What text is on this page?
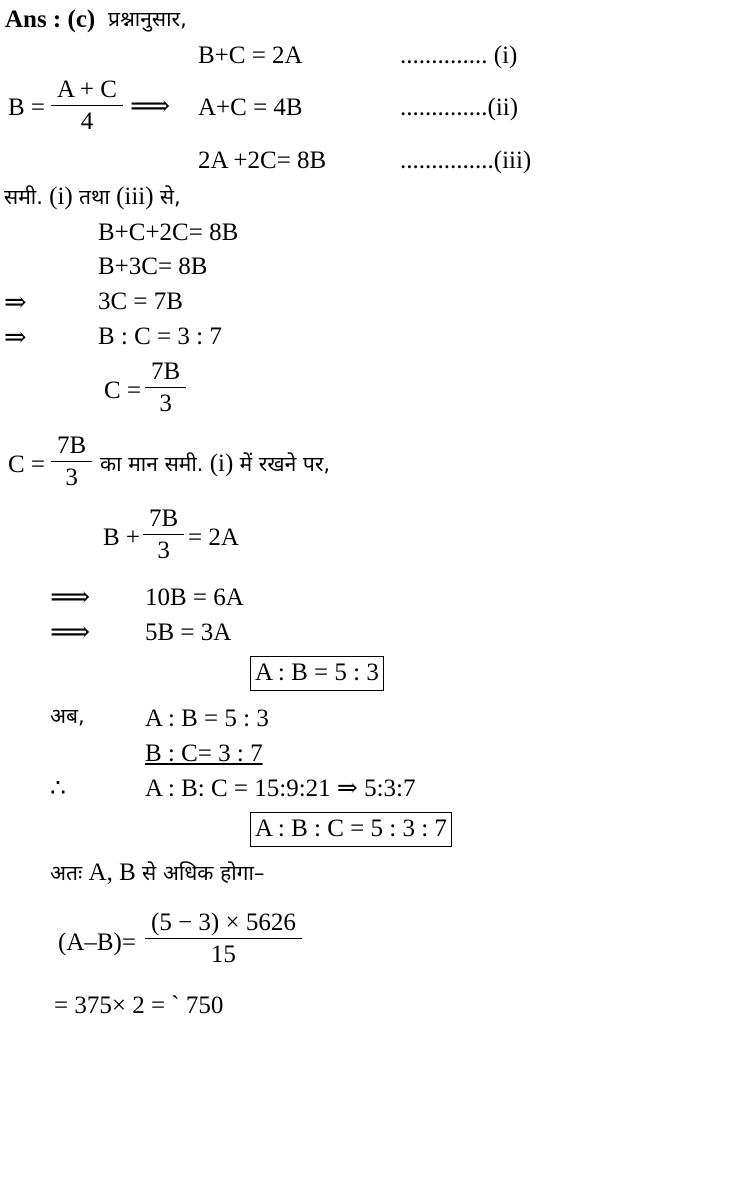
Ans : (c) प्रश्नानुसार,
B+C = 2A	.............. (i)
$B = \frac{A + C}{4}$ ⟹ A+C = 4B	..............(ii)
2A +2C= 8B	...............(iii)
समी. (i) तथा (iii) से,
B+C+2C= 8B
B+3C= 8B
⇒	3C = 7B
⇒	B : C = 3 : 7
$C = \frac{7B}{3}$
$C = \frac{7B}{3}$ का मान समी. (i) में रखने पर,
$B + \frac{7B}{3} = 2A$
⟹ 10B = 6A
⟹ 5B = 3A
A : B = 5 : 3
अब, A : B = 5 : 3
B : C= 3 : 7
∴	A : B: C = 15:9:21 ⇒ 5:3:7
A : B : C = 5 : 3 : 7
अतः A, B से अधिक होगा–
$(A-B)= \frac{(5 - 3) \times 5626}{15}$
= 375× 2 = ` 750
